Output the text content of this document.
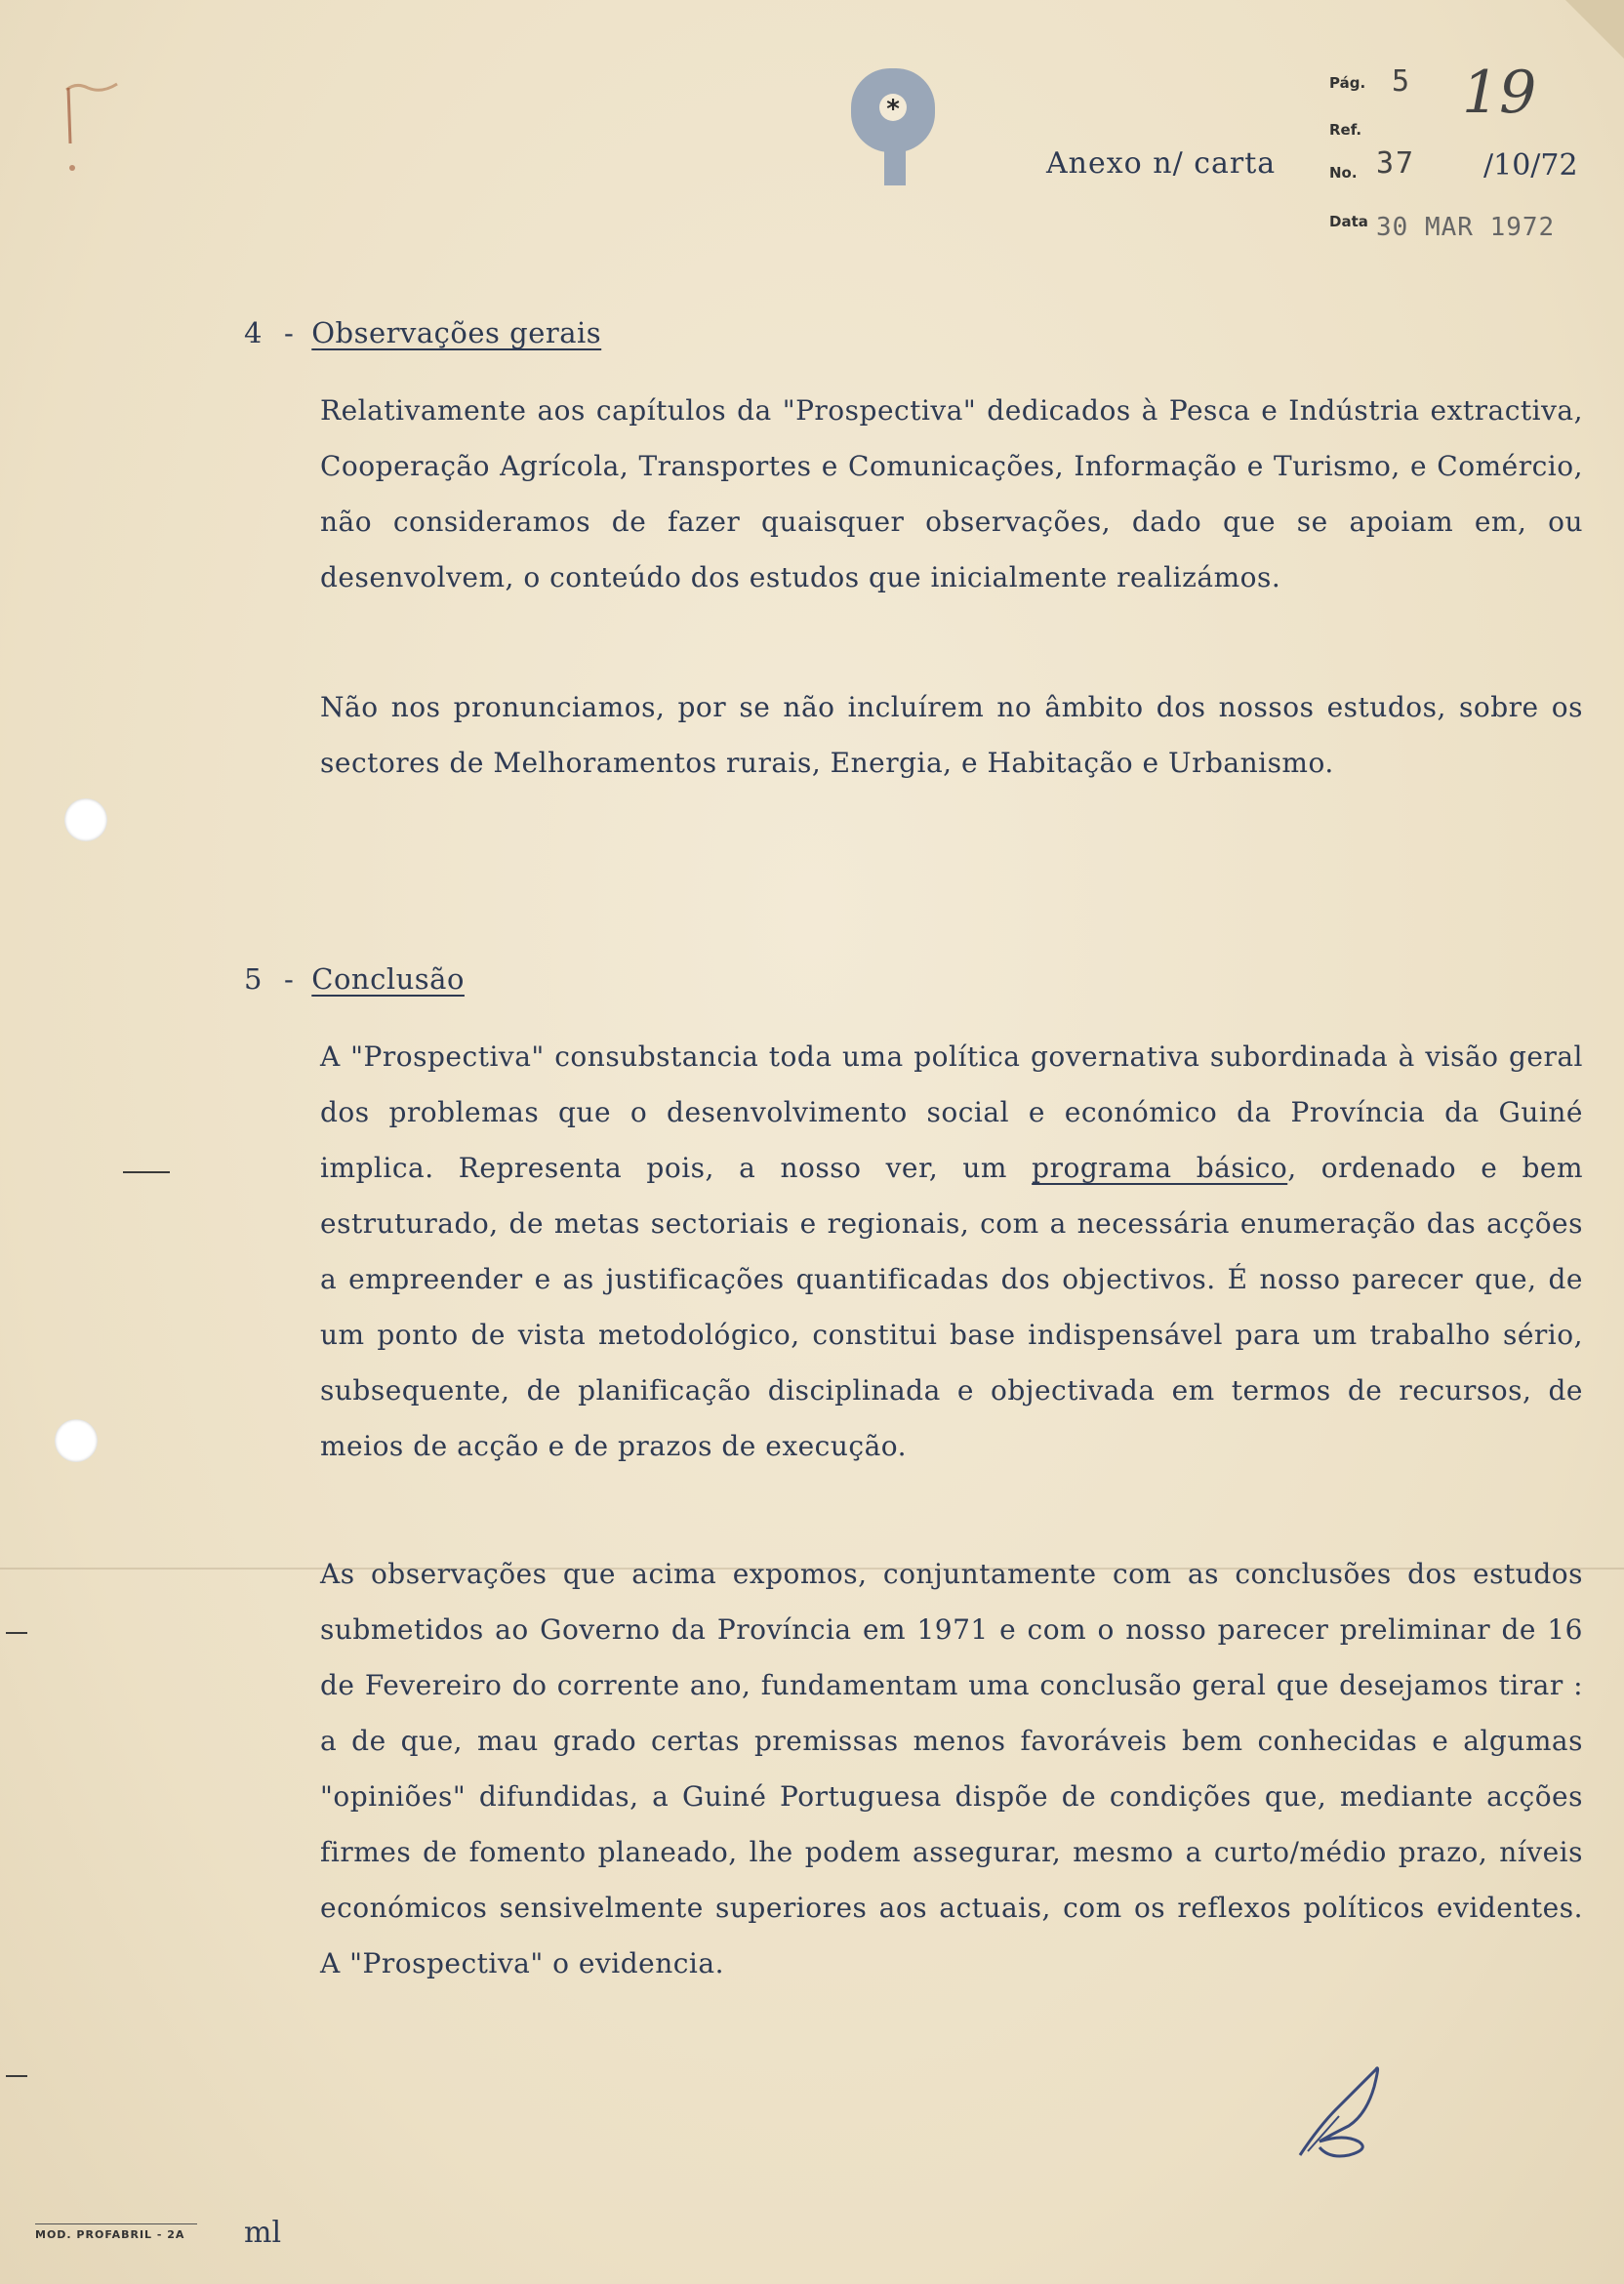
*
Pág. 5 19
Ref.
Anexo n/ carta	No. 37 /10/72
Data 30 MAR 1972
4 - Observações gerais

Relativamente aos capítulos da "Prospectiva" dedicados à Pesca e Indústria extractiva, Cooperação Agrícola, Transportes e Comunicações, Informação e Turismo, e Comércio, não consideramos de fazer quaisquer observações, dado que se apoiam em, ou desenvolvem, o conteúdo dos estudos que inicialmente realizámos.

Não nos pronunciamos, por se não incluírem no âmbito dos nossos estudos, sobre os sectores de Melhoramentos rurais, Energia, e Habitação e Urbanismo.

5 - Conclusão

A "Prospectiva" consubstancia toda uma política governativa subordinada à visão geral dos problemas que o desenvolvimento social e económico da Província da Guiné implica. Representa pois, a nosso ver, um programa básico, ordenado e bem estruturado, de metas sectoriais e regionais, com a necessária enumeração das acções a empreender e as justificações quantificadas dos objectivos. É nosso parecer que, de um ponto de vista metodológico, constitui base indispensável para um trabalho sério, subsequente, de planificação disciplinada e objectivada em termos de recursos, de meios de acção e de prazos de execução.

As observações que acima expomos, conjuntamente com as conclusões dos estudos submetidos ao Governo da Província em 1971 e com o nosso parecer preliminar de 16 de Fevereiro do corrente ano, fundamentam uma conclusão geral que desejamos tirar : a de que, mau grado certas premissas menos favoráveis bem conhecidas e algumas "opiniões" difundidas, a Guiné Portuguesa dispõe de condições que, mediante acções firmes de fomento planeado, lhe podem assegurar, mesmo a curto/médio prazo, níveis económicos sensivelmente superiores aos actuais, com os reflexos políticos evidentes. A "Prospectiva" o evidencia.

MOD. PROFABRIL - 2A	ml
